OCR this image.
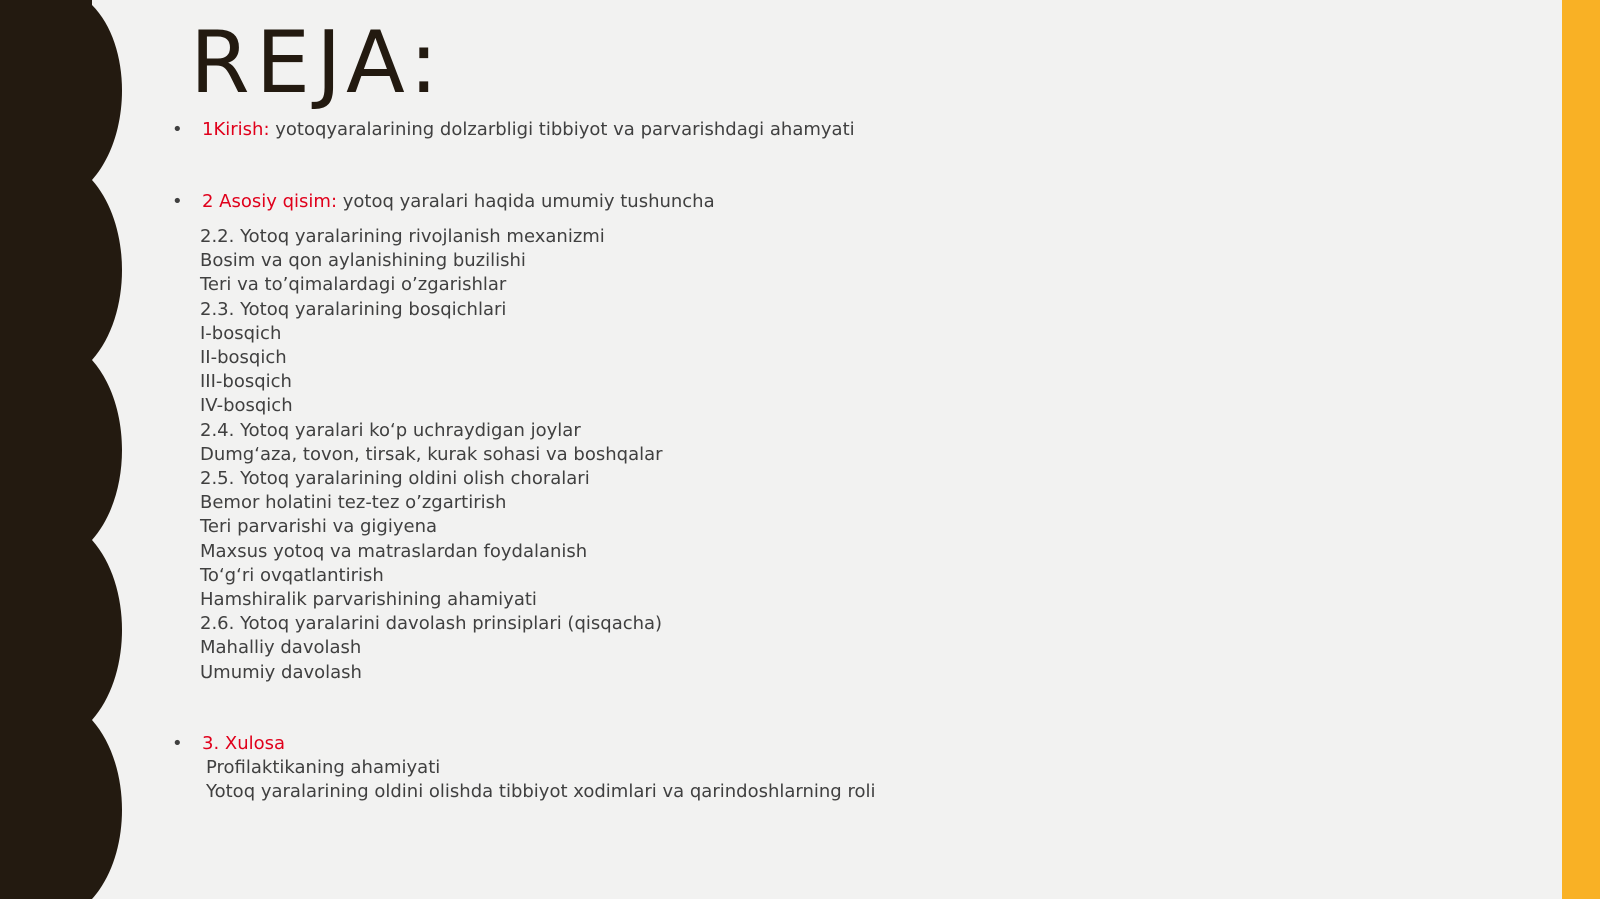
REJA:
• 1Kirish: yotoqyaralarining dolzarbligi tibbiyot va parvarishdagi ahamyati
• 2 Asosiy qisim: yotoq yaralari haqida umumiy tushuncha
2.2. Yotoq yaralarining rivojlanish mexanizmi
Bosim va qon aylanishining buzilishi
Teri va to’qimalardagi o’zgarishlar
2.3. Yotoq yaralarining bosqichlari
I-bosqich
II-bosqich
III-bosqich
IV-bosqich
2.4. Yotoq yaralari ko‘p uchraydigan joylar
Dumg‘aza, tovon, tirsak, kurak sohasi va boshqalar
2.5. Yotoq yaralarining oldini olish choralari
Bemor holatini tez-tez o’zgartirish
Teri parvarishi va gigiyena
Maxsus yotoq va matraslardan foydalanish
To‘g‘ri ovqatlantirish
Hamshiralik parvarishining ahamiyati
2.6. Yotoq yaralarini davolash prinsiplari (qisqacha)
Mahalliy davolash
Umumiy davolash
• 3. Xulosa
Profilaktikaning ahamiyati
Yotoq yaralarining oldini olishda tibbiyot xodimlari va qarindoshlarning roli
